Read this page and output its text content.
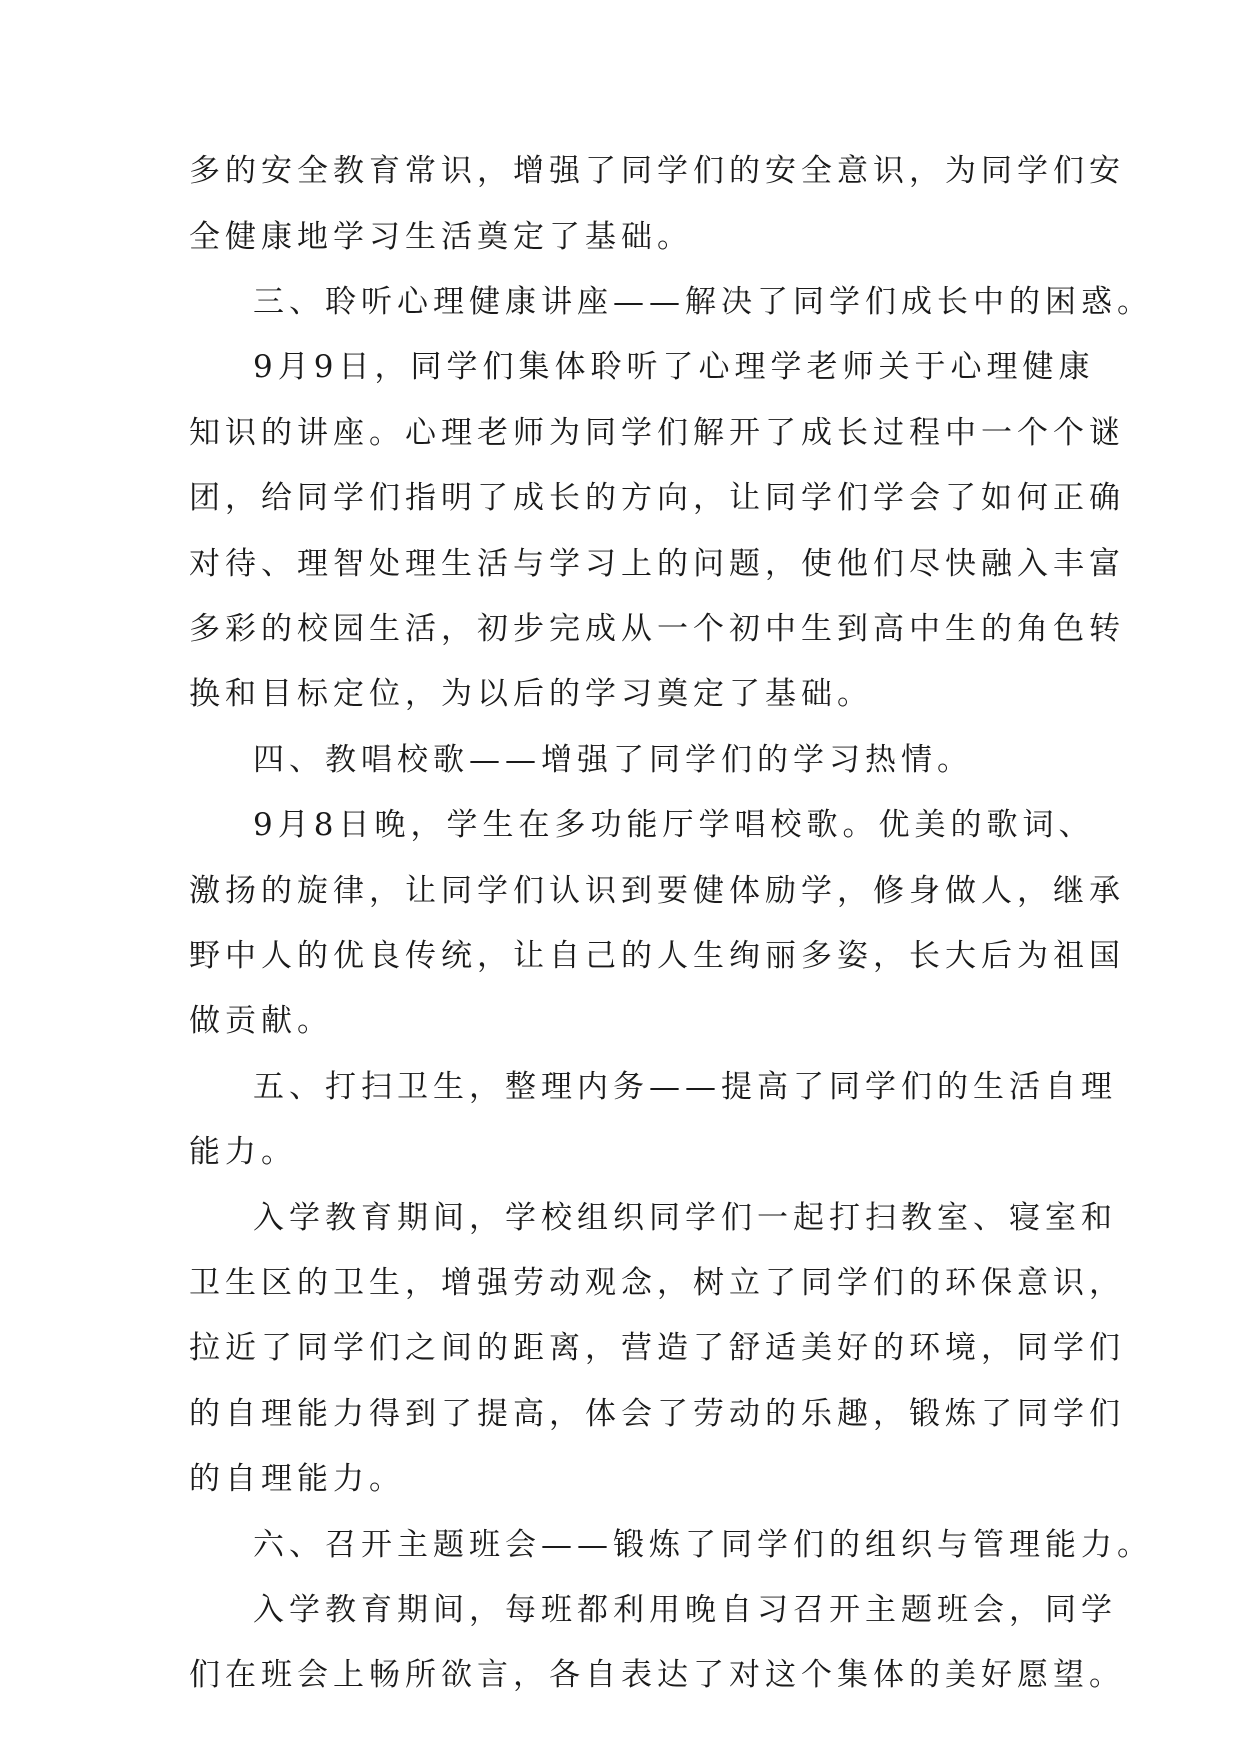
多的安全教育常识，增强了同学们的安全意识，为同学们安

全健康地学习生活奠定了基础。

三、聆听心理健康讲座——解决了同学们成长中的困惑。

9月9日，同学们集体聆听了心理学老师关于心理健康

知识的讲座。心理老师为同学们解开了成长过程中一个个谜

团，给同学们指明了成长的方向，让同学们学会了如何正确

对待、理智处理生活与学习上的问题，使他们尽快融入丰富

多彩的校园生活，初步完成从一个初中生到高中生的角色转

换和目标定位，为以后的学习奠定了基础。

四、教唱校歌——增强了同学们的学习热情。

9月8日晚，学生在多功能厅学唱校歌。优美的歌词、

激扬的旋律，让同学们认识到要健体励学，修身做人，继承

野中人的优良传统，让自己的人生绚丽多姿，长大后为祖国

做贡献。

五、打扫卫生，整理内务——提高了同学们的生活自理

能力。

入学教育期间，学校组织同学们一起打扫教室、寝室和

卫生区的卫生，增强劳动观念，树立了同学们的环保意识，

拉近了同学们之间的距离，营造了舒适美好的环境，同学们

的自理能力得到了提高，体会了劳动的乐趣，锻炼了同学们

的自理能力。

六、召开主题班会——锻炼了同学们的组织与管理能力。

入学教育期间，每班都利用晚自习召开主题班会，同学

们在班会上畅所欲言，各自表达了对这个集体的美好愿望。
